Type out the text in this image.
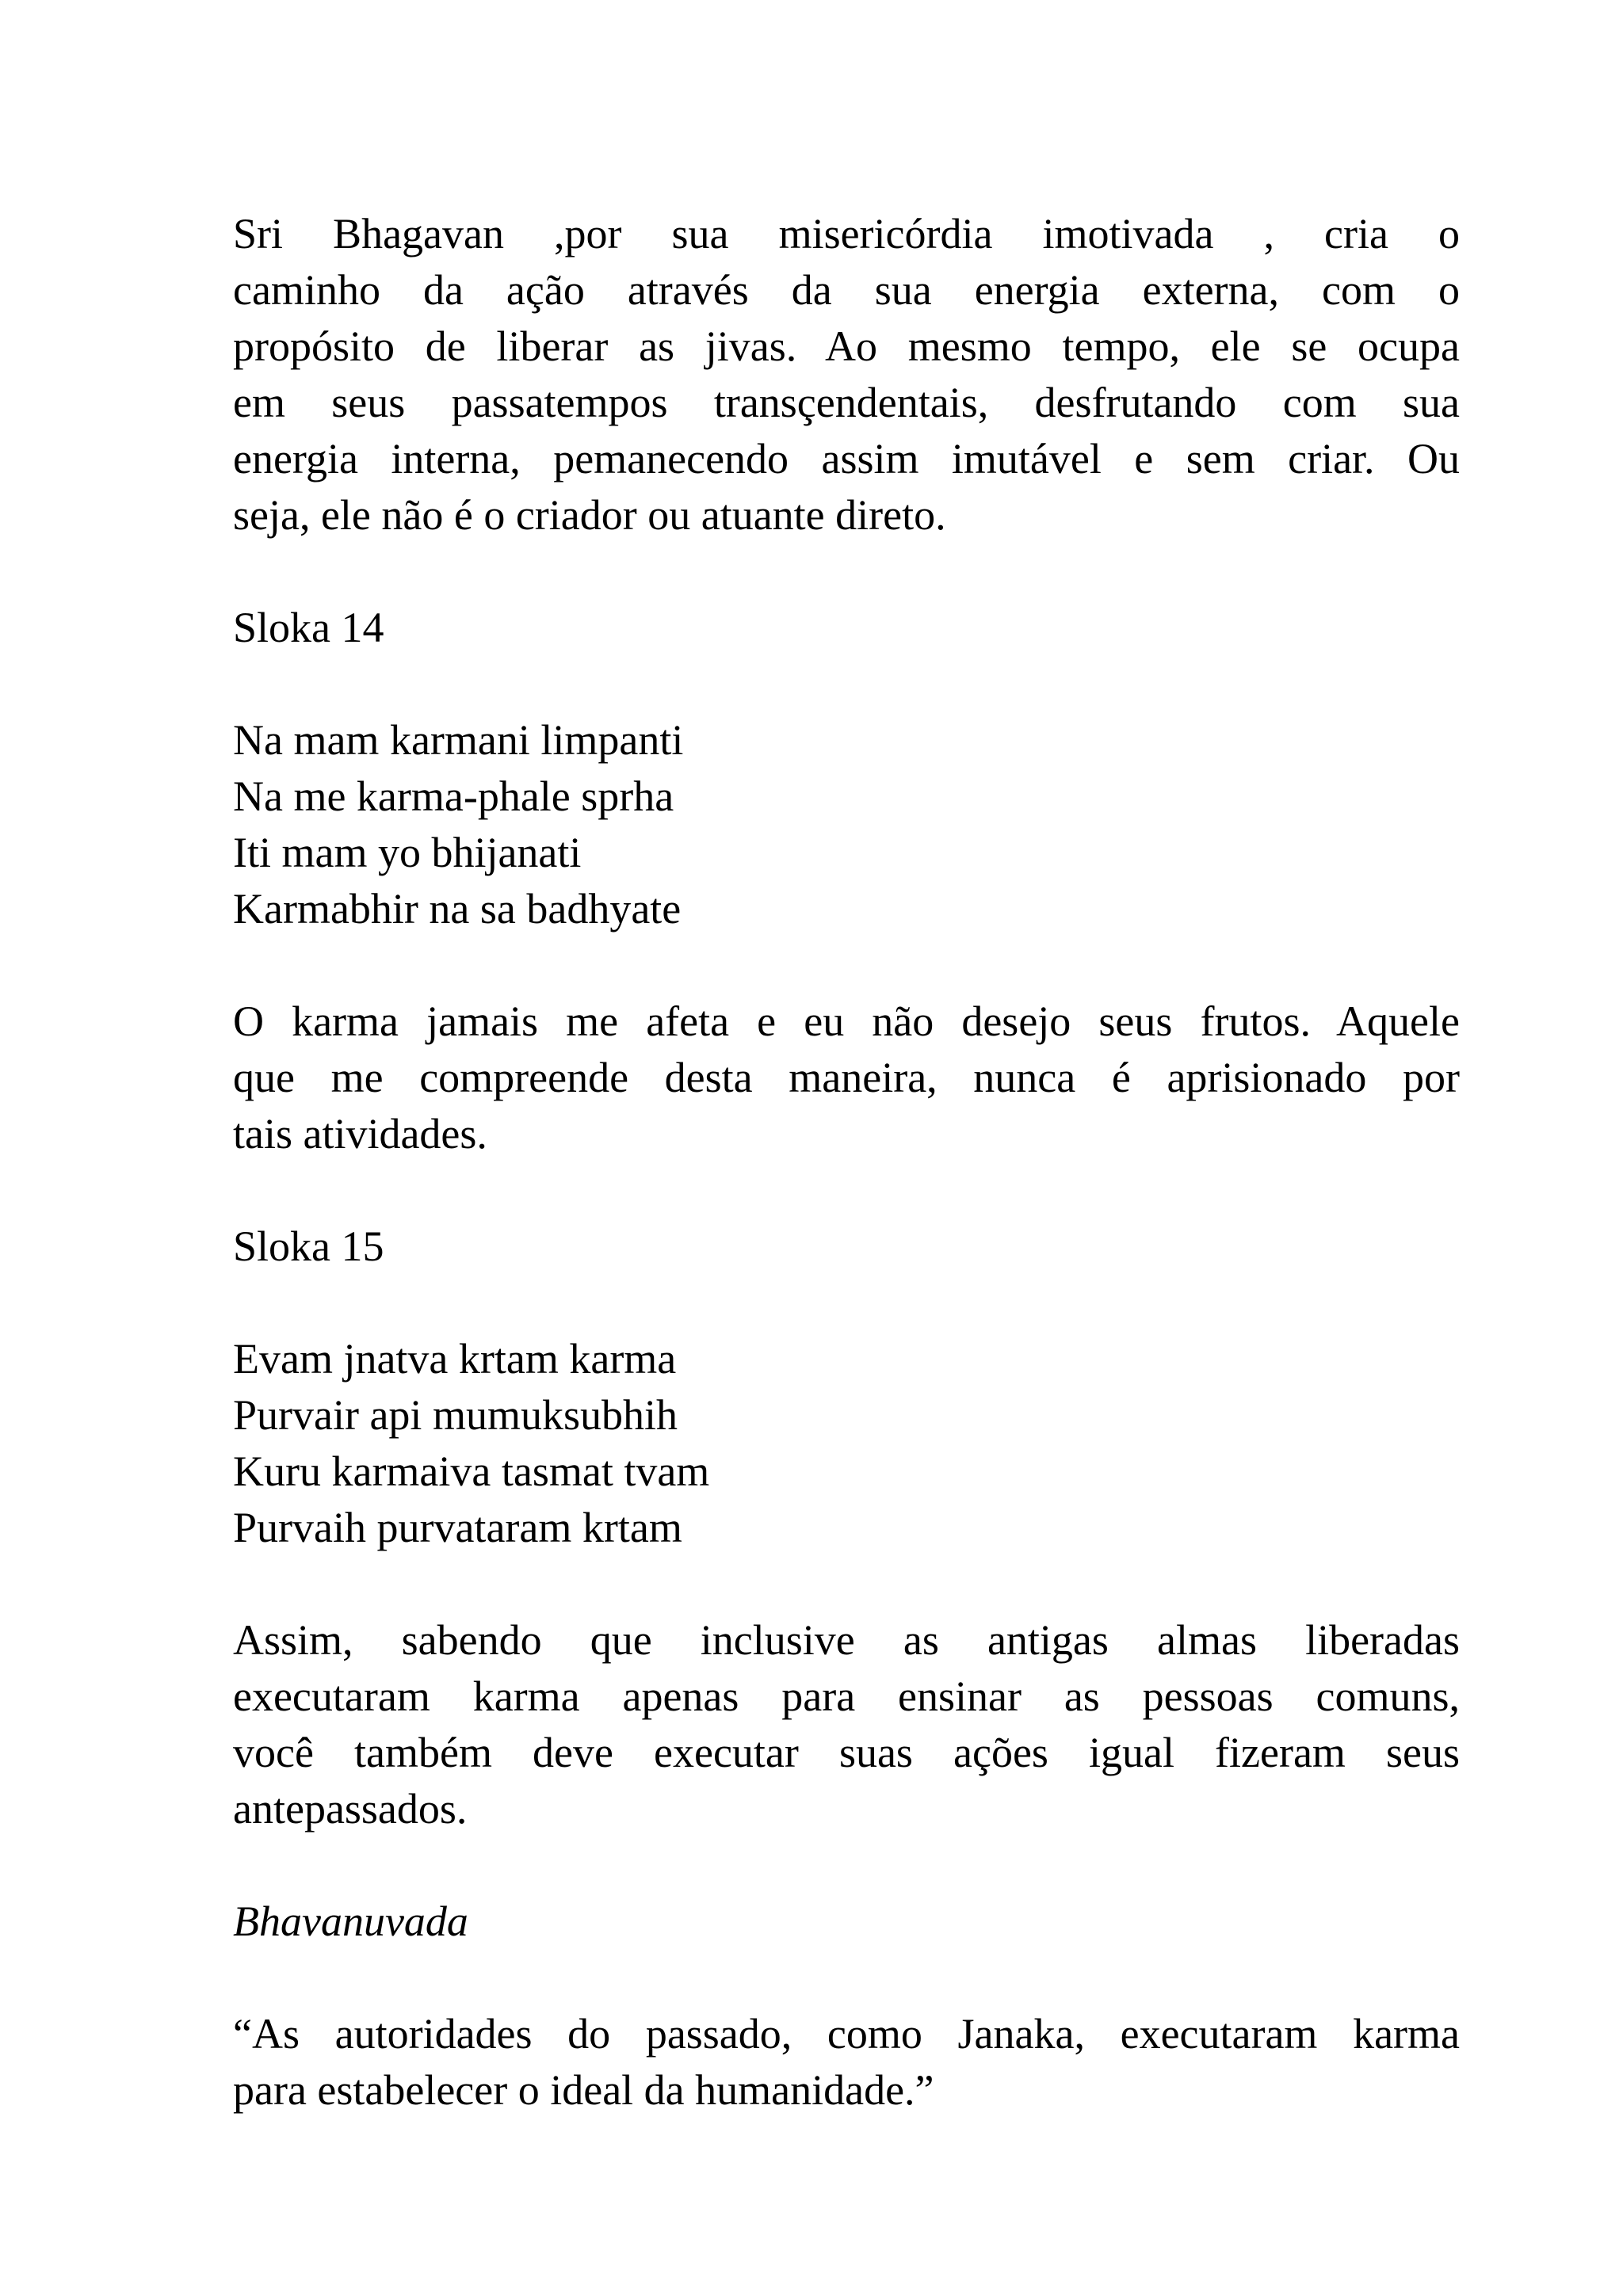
Sri Bhagavan ,por sua misericórdia imotivada , cria o
caminho da ação através da sua energia externa, com o
propósito de liberar as jivas. Ao mesmo tempo, ele se ocupa
em seus passatempos transçendentais, desfrutando com sua
energia interna, pemanecendo assim imutável e sem criar. Ou
seja, ele não é o criador ou atuante direto.

Sloka 14

Na mam karmani limpanti
Na me karma-phale sprha
Iti mam yo bhijanati
Karmabhir na sa badhyate

O karma jamais me afeta e eu não desejo seus frutos. Aquele
que me compreende desta maneira, nunca é aprisionado por
tais atividades.

Sloka 15

Evam jnatva krtam karma
Purvair api mumuksubhih
Kuru karmaiva tasmat tvam
Purvaih purvataram krtam

Assim, sabendo que inclusive as antigas almas liberadas
executaram karma apenas para ensinar as pessoas comuns,
você também deve executar suas ações igual fizeram seus
antepassados.

Bhavanuvada

“As autoridades do passado, como Janaka, executaram karma
para estabelecer o ideal da humanidade.”
